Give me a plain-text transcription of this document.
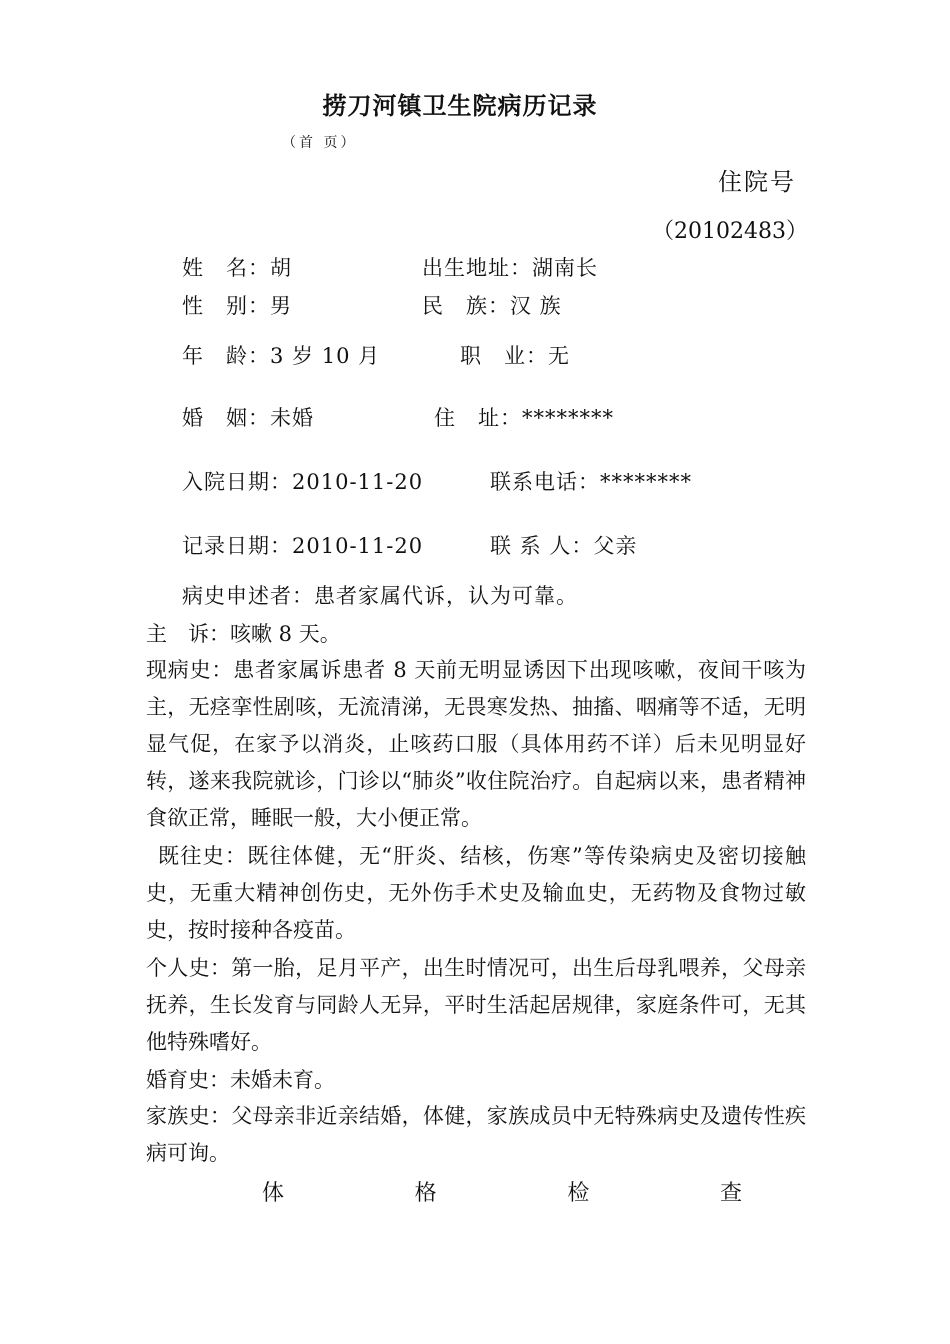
捞刀河镇卫生院病历记录
（首 页）
住院号
（20102483）
姓　名：胡	出生地址：湖南长
性　别：男	民　族：汉 族
年　龄：3 岁 10 月	职　业：无
婚　姻：未婚	住　址：********
入院日期：2010-11-20	联系电话：********
记录日期：2010-11-20	联 系 人：父亲
病史申述者：患者家属代诉，认为可靠。
主　诉：咳嗽 8 天。
现病史：患者家属诉患者 8 天前无明显诱因下出现咳嗽，夜间干咳为主，无痉挛性剧咳，无流清涕，无畏寒发热、抽搐、咽痛等不适，无明显气促，在家予以消炎，止咳药口服（具体用药不详）后未见明显好转，遂来我院就诊，门诊以“肺炎”收住院治疗。自起病以来，患者精神食欲正常，睡眠一般，大小便正常。
既往史：既往体健，无“肝炎、结核，伤寒”等传染病史及密切接触史，无重大精神创伤史，无外伤手术史及输血史，无药物及食物过敏史，按时接种各疫苗。
个人史：第一胎，足月平产，出生时情况可，出生后母乳喂养，父母亲抚养，生长发育与同龄人无异，平时生活起居规律，家庭条件可，无其他特殊嗜好。
婚育史：未婚未育。
家族史：父母亲非近亲结婚，体健，家族成员中无特殊病史及遗传性疾病可询。
体	格	检	查
